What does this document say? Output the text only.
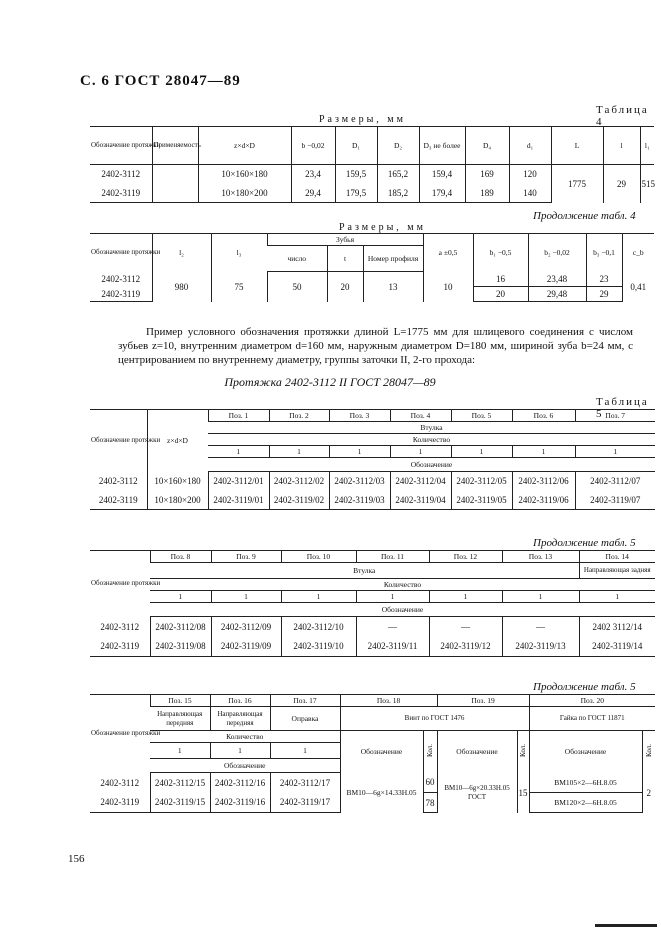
С. 6 ГОСТ 28047—89
Таблица 4
Размеры, мм
Обозначение протяжки	Применяемость	z×d×D	b −0,02	D₁	D₂	D₃ не более	D₄	d₁	L	l	l₁
2402-3112		10×160×180	23,4	159,5	165,2	159,4	169	120	1775	29	515
2402-3119		10×180×200	29,4	179,5	185,2	179,4	189	140			
Продолжение табл. 4
Размеры, мм
Обозначение протяжки	l₂	l₃	Зубья			a ±0,5	b₁ −0,5	b₂ −0,02	b₃ −0,1	c_b
			число	t	Номер профиля					
2402-3112	980	75	50	20	13	10	16	23,48	23	0,41
2402-3119							20	29,48	29	
Пример условного обозначения протяжки длиной L=1775 мм для шлицевого соединения с числом зубьев z=10, внутренним диаметром d=160 мм, наружным диаметром D=180 мм, шириной зуба b=24 мм, с центрированием по внутреннему диаметру, группы заточки II, 2-го прохода:
Протяжка 2402-3112 II ГОСТ 28047—89
Таблица 5
Обозначение протяжки	z×d×D	Поз. 1	Поз. 2	Поз. 3	Поз. 4	Поз. 5	Поз. 6	Поз. 7
		Втулка						
		Количество						
		1	1	1	1	1	1	1
		Обозначение						
2402-3112	10×160×180	2402-3112/01	2402-3112/02	2402-3112/03	2402-3112/04	2402-3112/05	2402-3112/06	2402-3112/07
2402-3119	10×180×200	2402-3119/01	2402-3119/02	2402-3119/03	2402-3119/04	2402-3119/05	2402-3119/06	2402-3119/07
Продолжение табл. 5
Обозначение протяжки	Поз. 8	Поз. 9	Поз. 10	Поз. 11	Поз. 12	Поз. 13	Поз. 14
	Втулка						Направляющая задняя
	Количество						
	1	1	1	1	1	1	1
	Обозначение						
2402-3112	2402-3112/08	2402-3112/09	2402-3112/10	—	—	—	2402 3112/14
2402-3119	2402-3119/08	2402-3119/09	2402-3119/10	2402-3119/11	2402-3119/12	2402-3119/13	2402-3119/14
Продолжение табл. 5
Обозначение протяжки	Поз. 15	Поз. 16	Поз. 17	Поз. 18		Поз. 19		Поз. 20	
	Направляющая передняя	Направляющая передняя	Оправка	Винт по ГОСТ 1476				Гайка по ГОСТ 11871	
	Количество			Обозначение	Кол.	Обозначение	Кол.	Обозначение	Кол.
	1	1	1						
	Обозначение								
2402-3112	2402-3112/15	2402-3112/16	2402-3112/17	ВМ10—6g×14.33Н.05	60	ВМ10—6g×20.33Н.05 ГОСТ	15	ВМ105×2—6Н.8.05	2
2402-3119	2402-3119/15	2402-3119/16	2402-3119/17		78			ВМ120×2—6Н.8.05	
156
